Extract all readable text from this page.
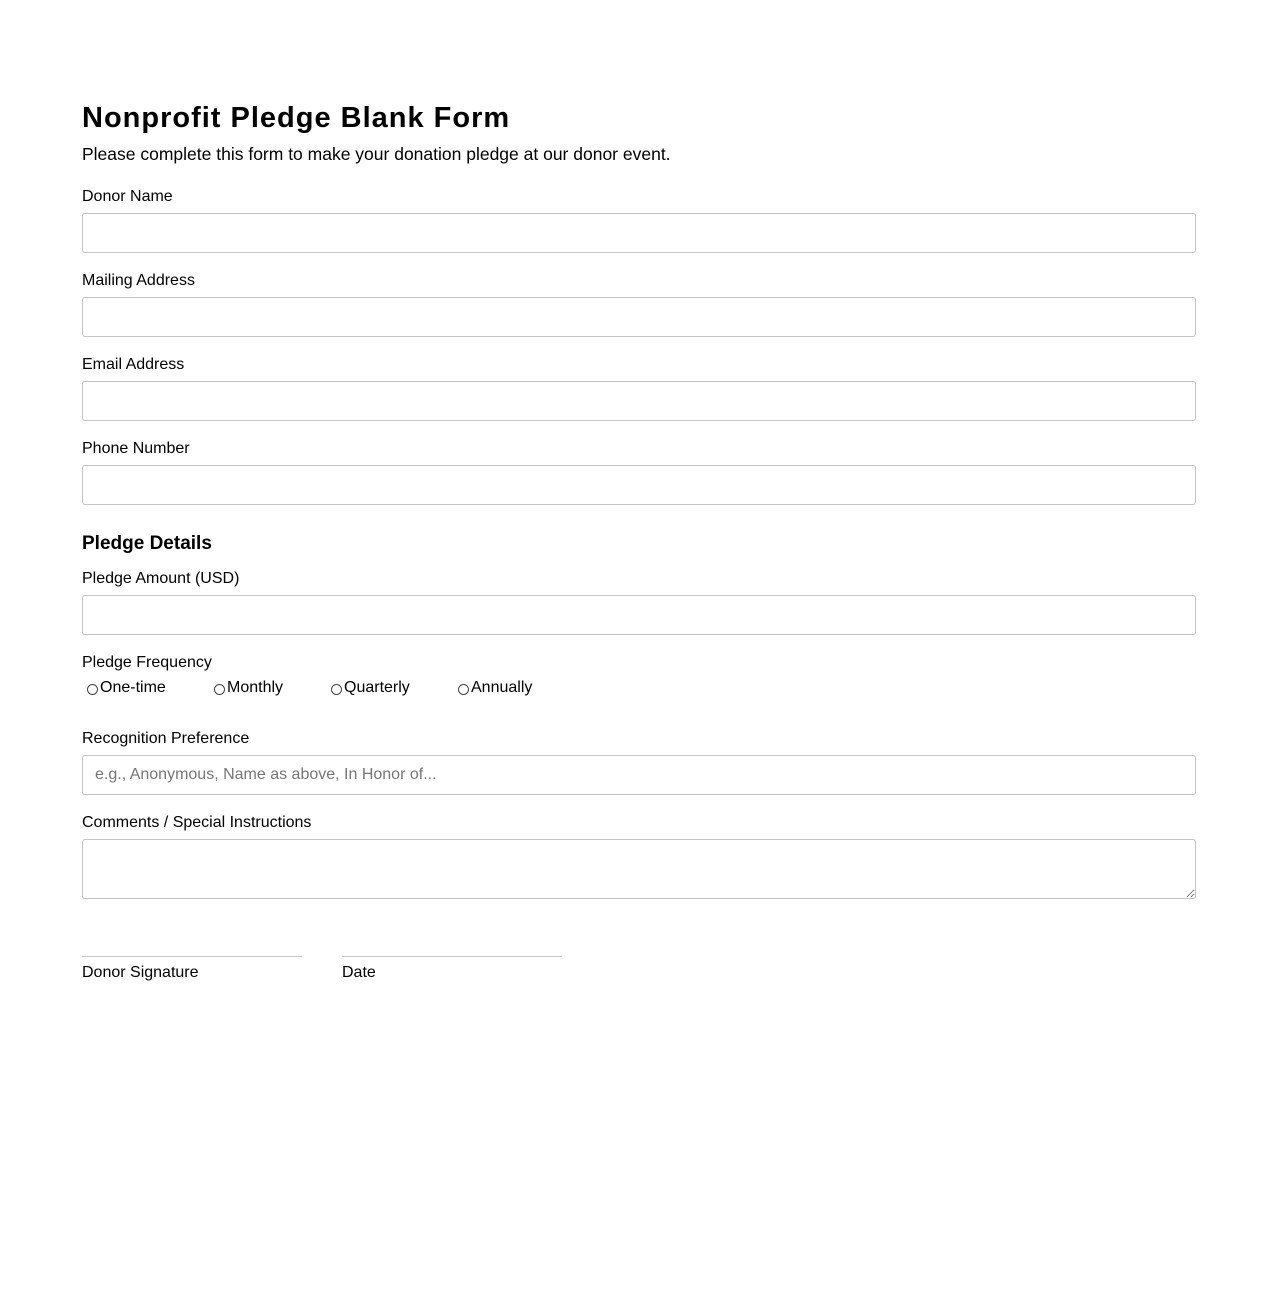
Nonprofit Pledge Blank Form
Please complete this form to make your donation pledge at our donor event.
Donor Name
Mailing Address
Email Address
Phone Number
Pledge Details
Pledge Amount (USD)
Pledge Frequency
One-time	Monthly	Quarterly	Annually
Recognition Preference
e.g., Anonymous, Name as above, In Honor of...
Comments / Special Instructions
Donor Signature	Date
